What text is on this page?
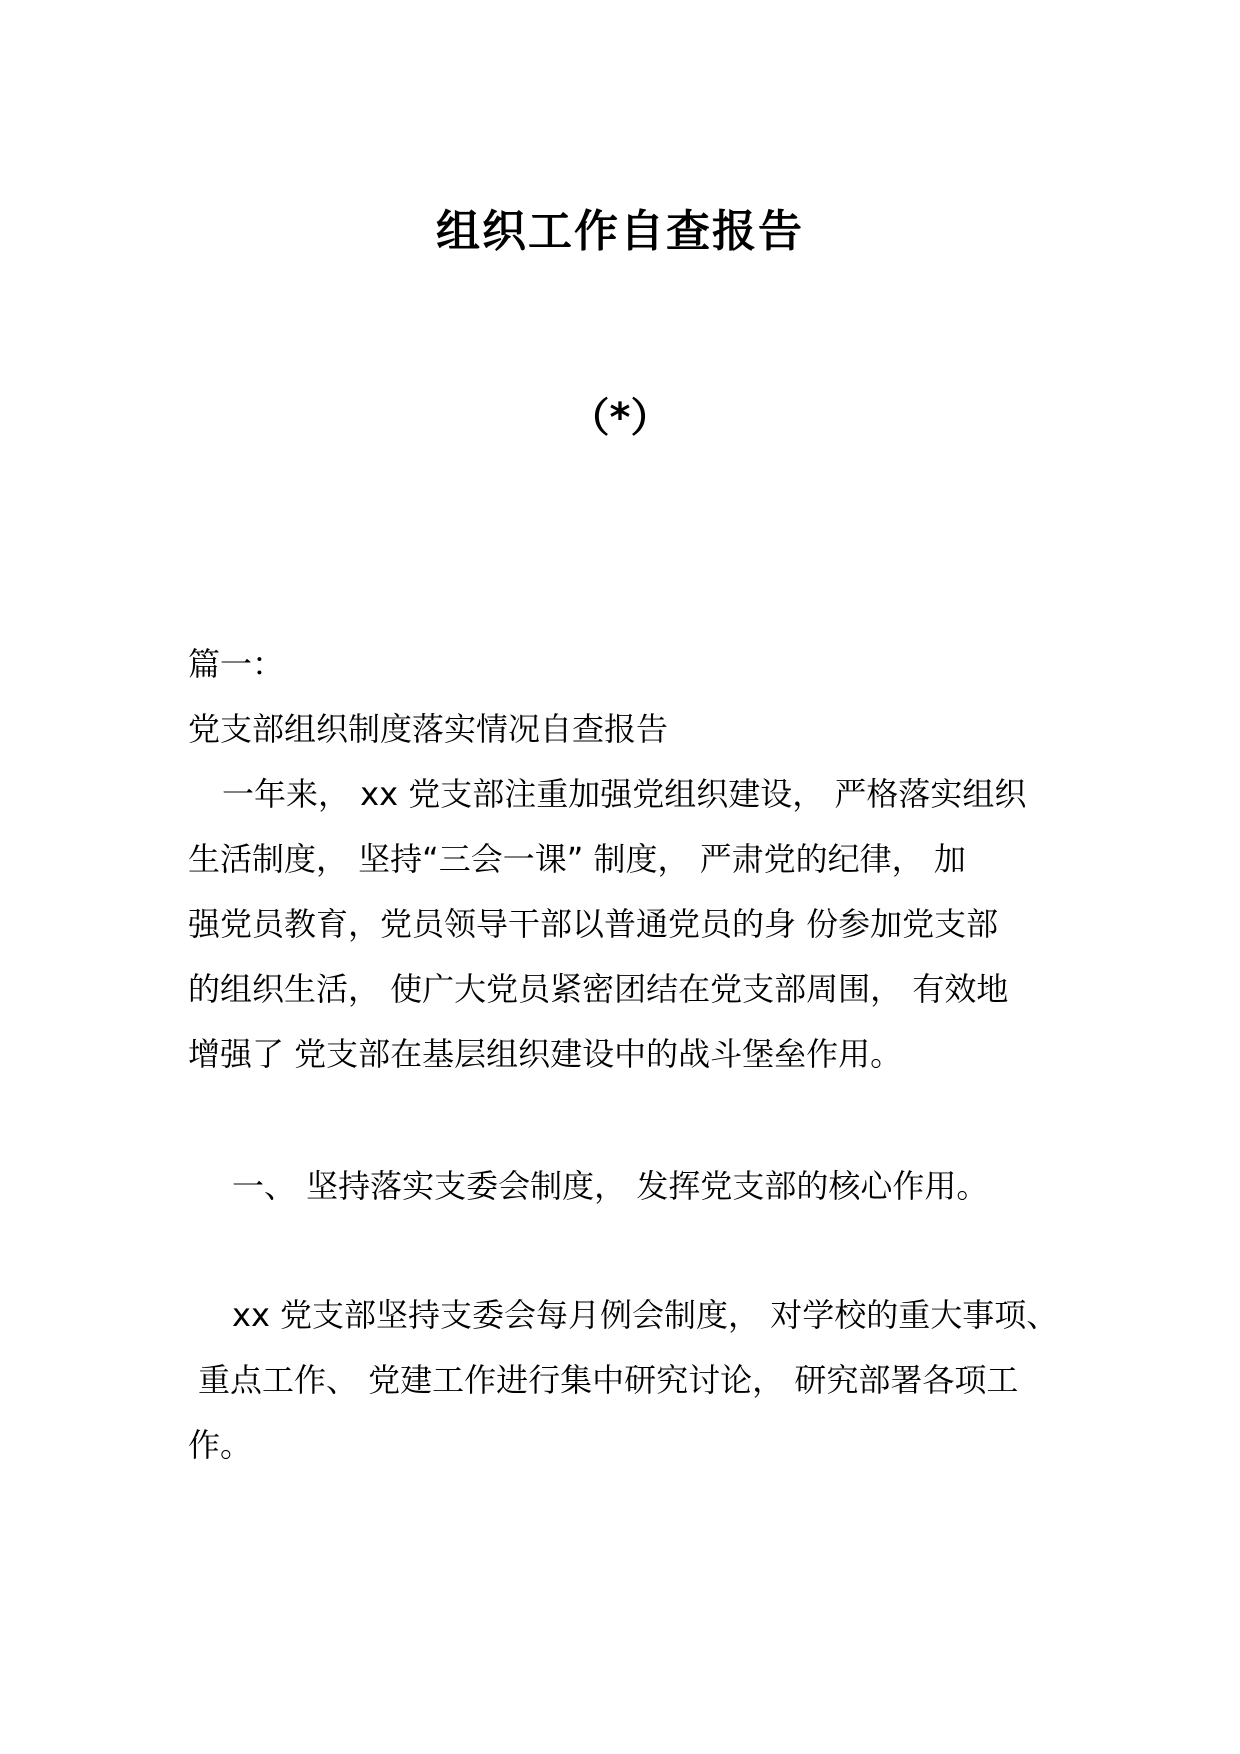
组织工作自查报告
（*）
篇一：
党支部组织制度落实情况自查报告
一年来， xx 党支部注重加强党组织建设， 严格落实组织
生活制度， 坚持“三会一课” 制度， 严肃党的纪律， 加
强党员教育，党员领导干部以普通党员的身 份参加党支部
的组织生活， 使广大党员紧密团结在党支部周围， 有效地
增强了 党支部在基层组织建设中的战斗堡垒作用。
一、 坚持落实支委会制度， 发挥党支部的核心作用。
xx 党支部坚持支委会每月例会制度， 对学校的重大事项、
重点工作、 党建工作进行集中研究讨论， 研究部署各项工
作。
